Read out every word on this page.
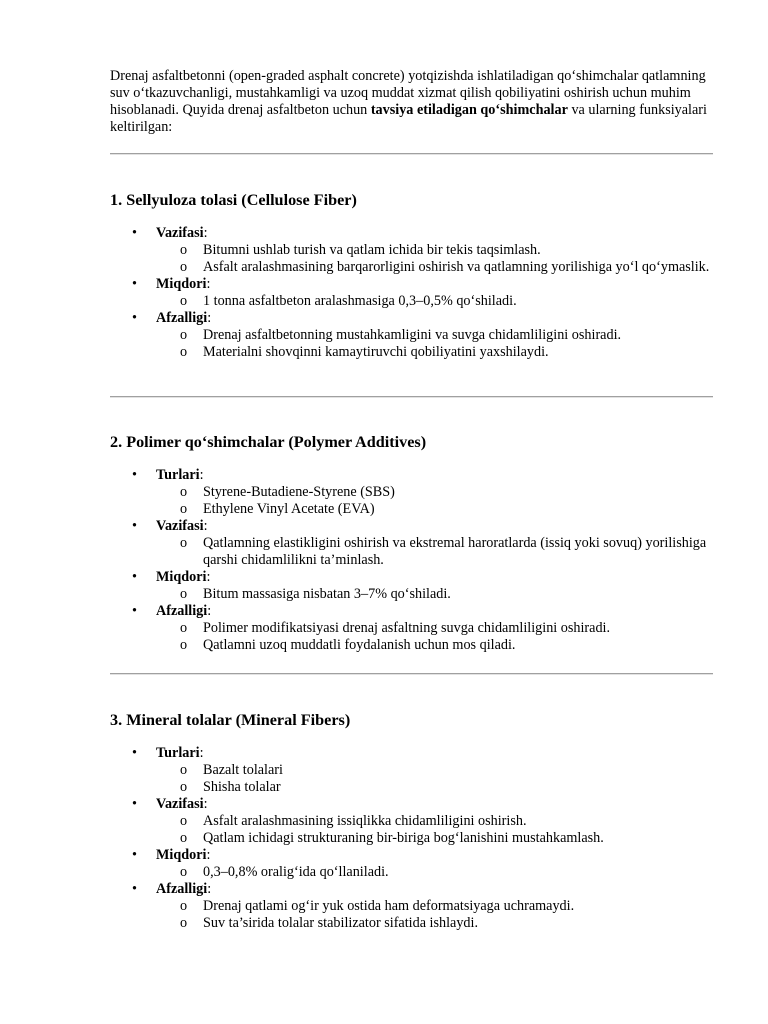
Drenaj asfaltbetonni (open-graded asphalt concrete) yotqizishda ishlatiladigan qo‘shimchalar qatlamning suv o‘tkazuvchanligi, mustahkamligi va uzoq muddat xizmat qilish qobiliyatini oshirish uchun muhim hisoblanadi. Quyida drenaj asfaltbeton uchun tavsiya etiladigan qo‘shimchalar va ularning funksiyalari keltirilgan:

1. Sellyuloza tolasi (Cellulose Fiber)
• Vazifasi:
o Bitumni ushlab turish va qatlam ichida bir tekis taqsimlash.
o Asfalt aralashmasining barqarorligini oshirish va qatlamning yorilishiga yo‘l qo‘ymaslik.
• Miqdori:
o 1 tonna asfaltbeton aralashmasiga 0,3–0,5% qo‘shiladi.
• Afzalligi:
o Drenaj asfaltbetonning mustahkamligini va suvga chidamliligini oshiradi.
o Materialni shovqinni kamaytiruvchi qobiliyatini yaxshilaydi.
2. Polimer qo‘shimchalar (Polymer Additives)
• Turlari:
o Styrene-Butadiene-Styrene (SBS)
o Ethylene Vinyl Acetate (EVA)
• Vazifasi:
o Qatlamning elastikligini oshirish va ekstremal haroratlarda (issiq yoki sovuq) yorilishiga qarshi chidamlilikni ta’minlash.
• Miqdori:
o Bitum massasiga nisbatan 3–7% qo‘shiladi.
• Afzalligi:
o Polimer modifikatsiyasi drenaj asfaltning suvga chidamliligini oshiradi.
o Qatlamni uzoq muddatli foydalanish uchun mos qiladi.
3. Mineral tolalar (Mineral Fibers)
• Turlari:
o Bazalt tolalari
o Shisha tolalar
• Vazifasi:
o Asfalt aralashmasining issiqlikka chidamliligini oshirish.
o Qatlam ichidagi strukturaning bir-biriga bog‘lanishini mustahkamlash.
• Miqdori:
o 0,3–0,8% oralig‘ida qo‘llaniladi.
• Afzalligi:
o Drenaj qatlami og‘ir yuk ostida ham deformatsiyaga uchramaydi.
o Suv ta’sirida tolalar stabilizator sifatida ishlaydi.
